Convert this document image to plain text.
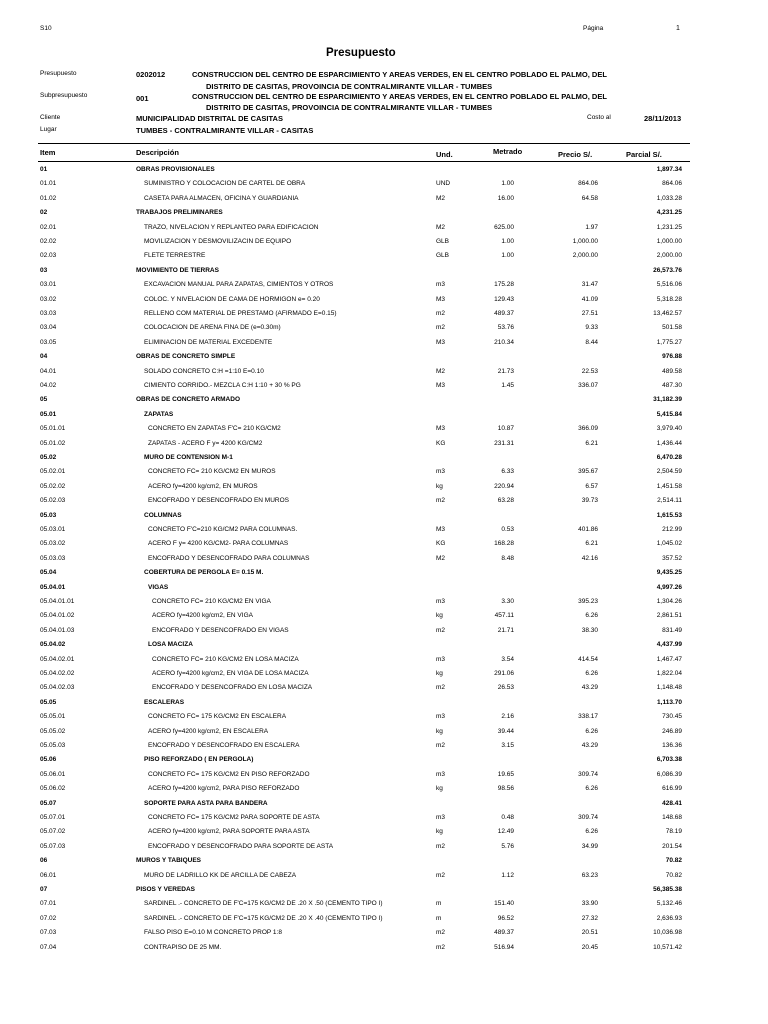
S10	Página	1
Presupuesto
Presupuesto	0202012	CONSTRUCCION DEL CENTRO DE ESPARCIMIENTO Y AREAS VERDES, EN EL CENTRO POBLADO EL PALMO, DEL
DISTRITO DE CASITAS, PROVOINCIA DE CONTRALMIRANTE VILLAR - TUMBES
Subpresupuesto	001	CONSTRUCCION DEL CENTRO DE ESPARCIMIENTO Y AREAS VERDES, EN EL CENTRO POBLADO EL PALMO, DEL
DISTRITO DE CASITAS, PROVOINCIA DE CONTRALMIRANTE VILLAR - TUMBES
Cliente	MUNICIPALIDAD DISTRITAL DE CASITAS	Costo al	28/11/2013
Lugar	TUMBES - CONTRALMIRANTE VILLAR - CASITAS
Item	Descripción	Und.	Metrado	Precio S/.	Parcial S/.
01	OBRAS PROVISIONALES	1,897.34
01.01	SUMINISTRO Y COLOCACION DE CARTEL DE OBRA	UND	1.00	864.06	864.06
01.02	CASETA PARA ALMACEN, OFICINA Y GUARDIANIA	M2	16.00	64.58	1,033.28
02	TRABAJOS PRELIMINARES	4,231.25
02.01	TRAZO, NIVELACION Y REPLANTEO PARA EDIFICACION	M2	625.00	1.97	1,231.25
02.02	MOVILIZACION Y DESMOVILIZACIN DE EQUIPO	GLB	1.00	1,000.00	1,000.00
02.03	FLETE TERRESTRE	GLB	1.00	2,000.00	2,000.00
03	MOVIMIENTO DE TIERRAS	26,573.76
03.01	EXCAVACION MANUAL PARA ZAPATAS, CIMIENTOS Y OTROS	m3	175.28	31.47	5,516.06
03.02	COLOC. Y NIVELACION DE CAMA DE HORMIGON e= 0.20	M3	129.43	41.09	5,318.28
03.03	RELLENO COM MATERIAL DE PRESTAMO (AFIRMADO E=0.15)	m2	489.37	27.51	13,462.57
03.04	COLOCACION DE ARENA FINA DE (e=0.30m)	m2	53.76	9.33	501.58
03.05	ELIMINACION DE MATERIAL EXCEDENTE	M3	210.34	8.44	1,775.27
04	OBRAS DE CONCRETO SIMPLE	976.88
04.01	SOLADO CONCRETO C:H =1:10 E=0.10	M2	21.73	22.53	489.58
04.02	CIMIENTO CORRIDO.- MEZCLA C:H 1:10 + 30 % PG	M3	1.45	336.07	487.30
05	OBRAS DE CONCRETO ARMADO	31,182.39
05.01	ZAPATAS	5,415.84
05.01.01	CONCRETO EN ZAPATAS F'C= 210 KG/CM2	M3	10.87	366.09	3,979.40
05.01.02	ZAPATAS - ACERO F y= 4200 KG/CM2	KG	231.31	6.21	1,436.44
05.02	MURO DE CONTENSION M-1	6,470.28
05.02.01	CONCRETO FC= 210 KG/CM2 EN MUROS	m3	6.33	395.67	2,504.59
05.02.02	ACERO fy=4200 kg/cm2, EN MUROS	kg	220.94	6.57	1,451.58
05.02.03	ENCOFRADO Y DESENCOFRADO EN MUROS	m2	63.28	39.73	2,514.11
05.03	COLUMNAS	1,615.53
05.03.01	CONCRETO F'C=210 KG/CM2 PARA COLUMNAS.	M3	0.53	401.86	212.99
05.03.02	ACERO F y= 4200 KG/CM2- PARA COLUMNAS	KG	168.28	6.21	1,045.02
05.03.03	ENCOFRADO Y DESENCOFRADO PARA COLUMNAS	M2	8.48	42.16	357.52
05.04	COBERTURA DE PERGOLA E= 0.15 M.	9,435.25
05.04.01	VIGAS	4,997.26
05.04.01.01	CONCRETO FC= 210 KG/CM2 EN VIGA	m3	3.30	395.23	1,304.26
05.04.01.02	ACERO fy=4200 kg/cm2, EN VIGA	kg	457.11	6.26	2,861.51
05.04.01.03	ENCOFRADO Y DESENCOFRADO EN VIGAS	m2	21.71	38.30	831.49
05.04.02	LOSA MACIZA	4,437.99
05.04.02.01	CONCRETO FC= 210 KG/CM2 EN LOSA MACIZA	m3	3.54	414.54	1,467.47
05.04.02.02	ACERO fy=4200 kg/cm2, EN VIGA DE LOSA MACIZA	kg	291.06	6.26	1,822.04
05.04.02.03	ENCOFRADO Y DESENCOFRADO EN LOSA MACIZA	m2	26.53	43.29	1,148.48
05.05	ESCALERAS	1,113.70
05.05.01	CONCRETO FC= 175 KG/CM2 EN ESCALERA	m3	2.16	338.17	730.45
05.05.02	ACERO fy=4200 kg/cm2, EN ESCALERA	kg	39.44	6.26	246.89
05.05.03	ENCOFRADO Y DESENCOFRADO EN ESCALERA	m2	3.15	43.29	136.36
05.06	PISO REFORZADO ( EN PERGOLA)	6,703.38
05.06.01	CONCRETO FC= 175 KG/CM2 EN PISO REFORZADO	m3	19.65	309.74	6,086.39
05.06.02	ACERO fy=4200 kg/cm2, PARA PISO REFORZADO	kg	98.56	6.26	616.99
05.07	SOPORTE PARA ASTA PARA BANDERA	428.41
05.07.01	CONCRETO FC= 175 KG/CM2 PARA SOPORTE DE ASTA	m3	0.48	309.74	148.68
05.07.02	ACERO fy=4200 kg/cm2, PARA SOPORTE PARA ASTA	kg	12.49	6.26	78.19
05.07.03	ENCOFRADO Y DESENCOFRADO PARA SOPORTE DE ASTA	m2	5.76	34.99	201.54
06	MUROS Y TABIQUES	70.82
06.01	MURO DE LADRILLO KK DE ARCILLA DE CABEZA	m2	1.12	63.23	70.82
07	PISOS Y VEREDAS	56,385.38
07.01	SARDINEL .- CONCRETO DE F'C=175 KG/CM2 DE .20 X .50 (CEMENTO TIPO I)	m	151.40	33.90	5,132.46
07.02	SARDINEL .- CONCRETO DE F'C=175 KG/CM2 DE .20 X .40 (CEMENTO TIPO I)	m	96.52	27.32	2,636.93
07.03	FALSO PISO E=0.10 M CONCRETO PROP 1:8	m2	489.37	20.51	10,036.98
07.04	CONTRAPISO DE 25 MM.	m2	516.94	20.45	10,571.42
